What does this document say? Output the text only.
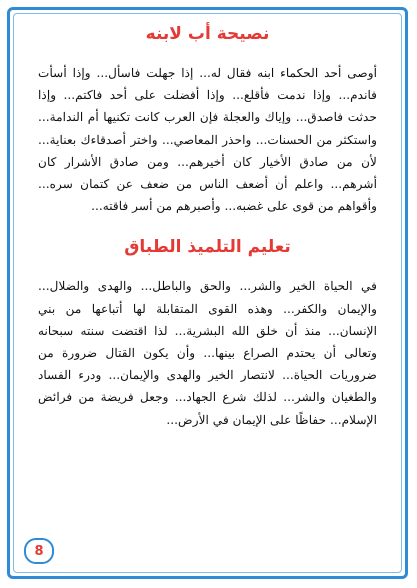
نصيحة أب لابنه

أوصى أحد الحكماء ابنه فقال له... إذا جهلت فاسأل... وإذا أسأت فاندم... وإذا ندمت فأقلع... وإذا أفضلت على أحد فاكتم... وإذا حدثت فاصدق... وإياك والعجلة فإن العرب كانت تكنيها أم الندامة... واستكثر من الحسنات... واحذر المعاصي... واختر أصدقاءك بعناية... لأن من صادق الأخيار كان أخيرهم... ومن صادق الأشرار كان أشرهم... واعلم أن أضعف الناس من ضعف عن كتمان سره... وأقواهم من قوى على غضبه... وأصبرهم من أسر فاقته...

تعليم التلميذ الطباق

في الحياة الخير والشر... والحق والباطل... والهدى والضلال... والإيمان والكفر... وهذه القوى المتقابلة لها أتباعها من بني الإنسان... منذ أن خلق الله البشرية... لذا اقتضت سنته سبحانه وتعالى أن يحتدم الصراع بينها... وأن يكون القتال ضرورة من ضروريات الحياة... لانتصار الخير والهدى والإيمان... ودرء الفساد والطغيان والشر... لذلك شرع الجهاد... وجعل فريضة من فرائض الإسلام... حفاظًا على الإيمان في الأرض...

8
